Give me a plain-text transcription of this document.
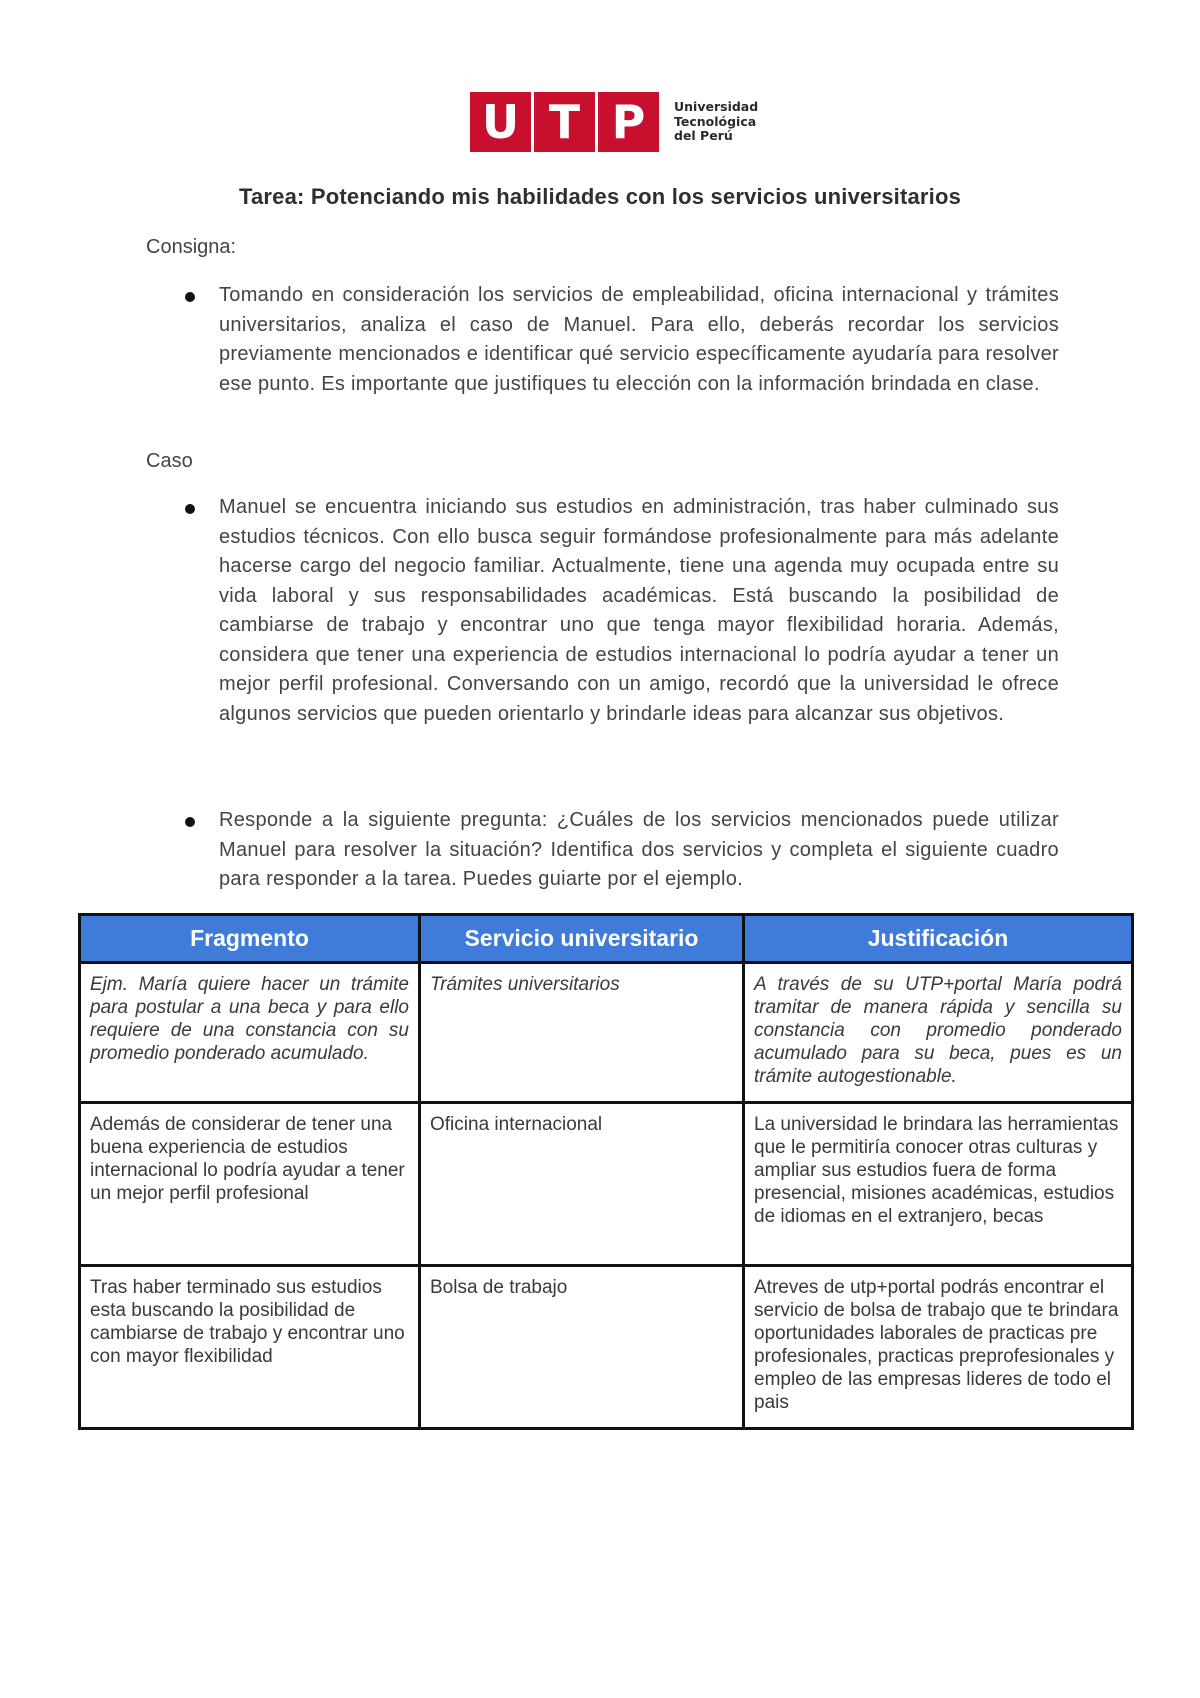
U T P	Universidad
Tecnológica
del Perú
Tarea: Potenciando mis habilidades con los servicios universitarios
Consigna:
Tomando en consideración los servicios de empleabilidad, oficina internacional y trámites universitarios, analiza el caso de Manuel. Para ello, deberás recordar los servicios previamente mencionados e identificar qué servicio específicamente ayudaría para resolver ese punto. Es importante que justifiques tu elección con la información brindada en clase.
Caso
Manuel se encuentra iniciando sus estudios en administración, tras haber culminado sus estudios técnicos. Con ello busca seguir formándose profesionalmente para más adelante hacerse cargo del negocio familiar. Actualmente, tiene una agenda muy ocupada entre su vida laboral y sus responsabilidades académicas. Está buscando la posibilidad de cambiarse de trabajo y encontrar uno que tenga mayor flexibilidad horaria. Además, considera que tener una experiencia de estudios internacional lo podría ayudar a tener un mejor perfil profesional. Conversando con un amigo, recordó que la universidad le ofrece algunos servicios que pueden orientarlo y brindarle ideas para alcanzar sus objetivos.
Responde a la siguiente pregunta: ¿Cuáles de los servicios mencionados puede utilizar Manuel para resolver la situación? Identifica dos servicios y completa el siguiente cuadro para responder a la tarea. Puedes guiarte por el ejemplo.
Fragmento	Servicio universitario	Justificación
Ejm. María quiere hacer un trámite para postular a una beca y para ello requiere de una constancia con su promedio ponderado acumulado.	Trámites universitarios	A través de su UTP+portal María podrá tramitar de manera rápida y sencilla su constancia con promedio ponderado acumulado para su beca, pues es un trámite autogestionable.
Además de considerar de tener una buena experiencia de estudios internacional lo podría ayudar a tener un mejor perfil profesional	Oficina internacional	La universidad le brindara las herramientas que le permitiría conocer otras culturas y ampliar sus estudios fuera de forma presencial, misiones académicas, estudios de idiomas en el extranjero, becas
Tras haber terminado sus estudios esta buscando la posibilidad de cambiarse de trabajo y encontrar uno con mayor flexibilidad	Bolsa de trabajo	Atreves de utp+portal podrás encontrar el servicio de bolsa de trabajo que te brindara oportunidades laborales de practicas pre profesionales, practicas preprofesionales y empleo de las empresas lideres de todo el pais
